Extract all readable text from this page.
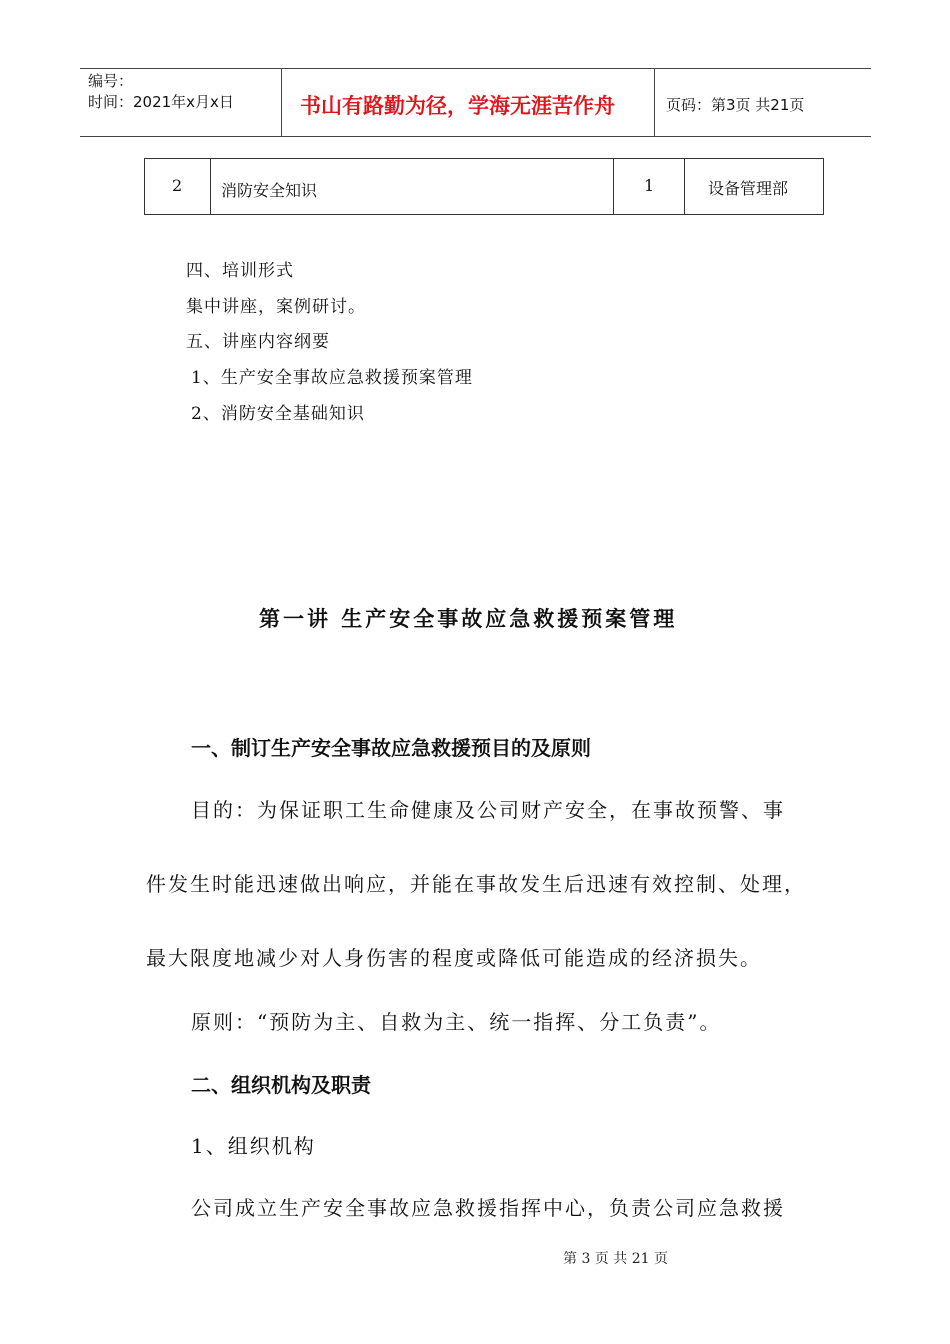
编号：
时间：2021年x月x日	书山有路勤为径，学海无涯苦作舟	页码：第3页 共21页
2 消防安全知识	1	设备管理部
四、培训形式
集中讲座，案例研讨。
五、讲座内容纲要
1、生产安全事故应急救援预案管理
2、消防安全基础知识
第一讲 生产安全事故应急救援预案管理
一、制订生产安全事故应急救援预目的及原则
目的：为保证职工生命健康及公司财产安全，在事故预警、事
件发生时能迅速做出响应，并能在事故发生后迅速有效控制、处理，
最大限度地减少对人身伤害的程度或降低可能造成的经济损失。
原则：“预防为主、自救为主、统一指挥、分工负责”。
二、组织机构及职责
1、组织机构
公司成立生产安全事故应急救援指挥中心，负责公司应急救援
第 3 页 共 21 页
